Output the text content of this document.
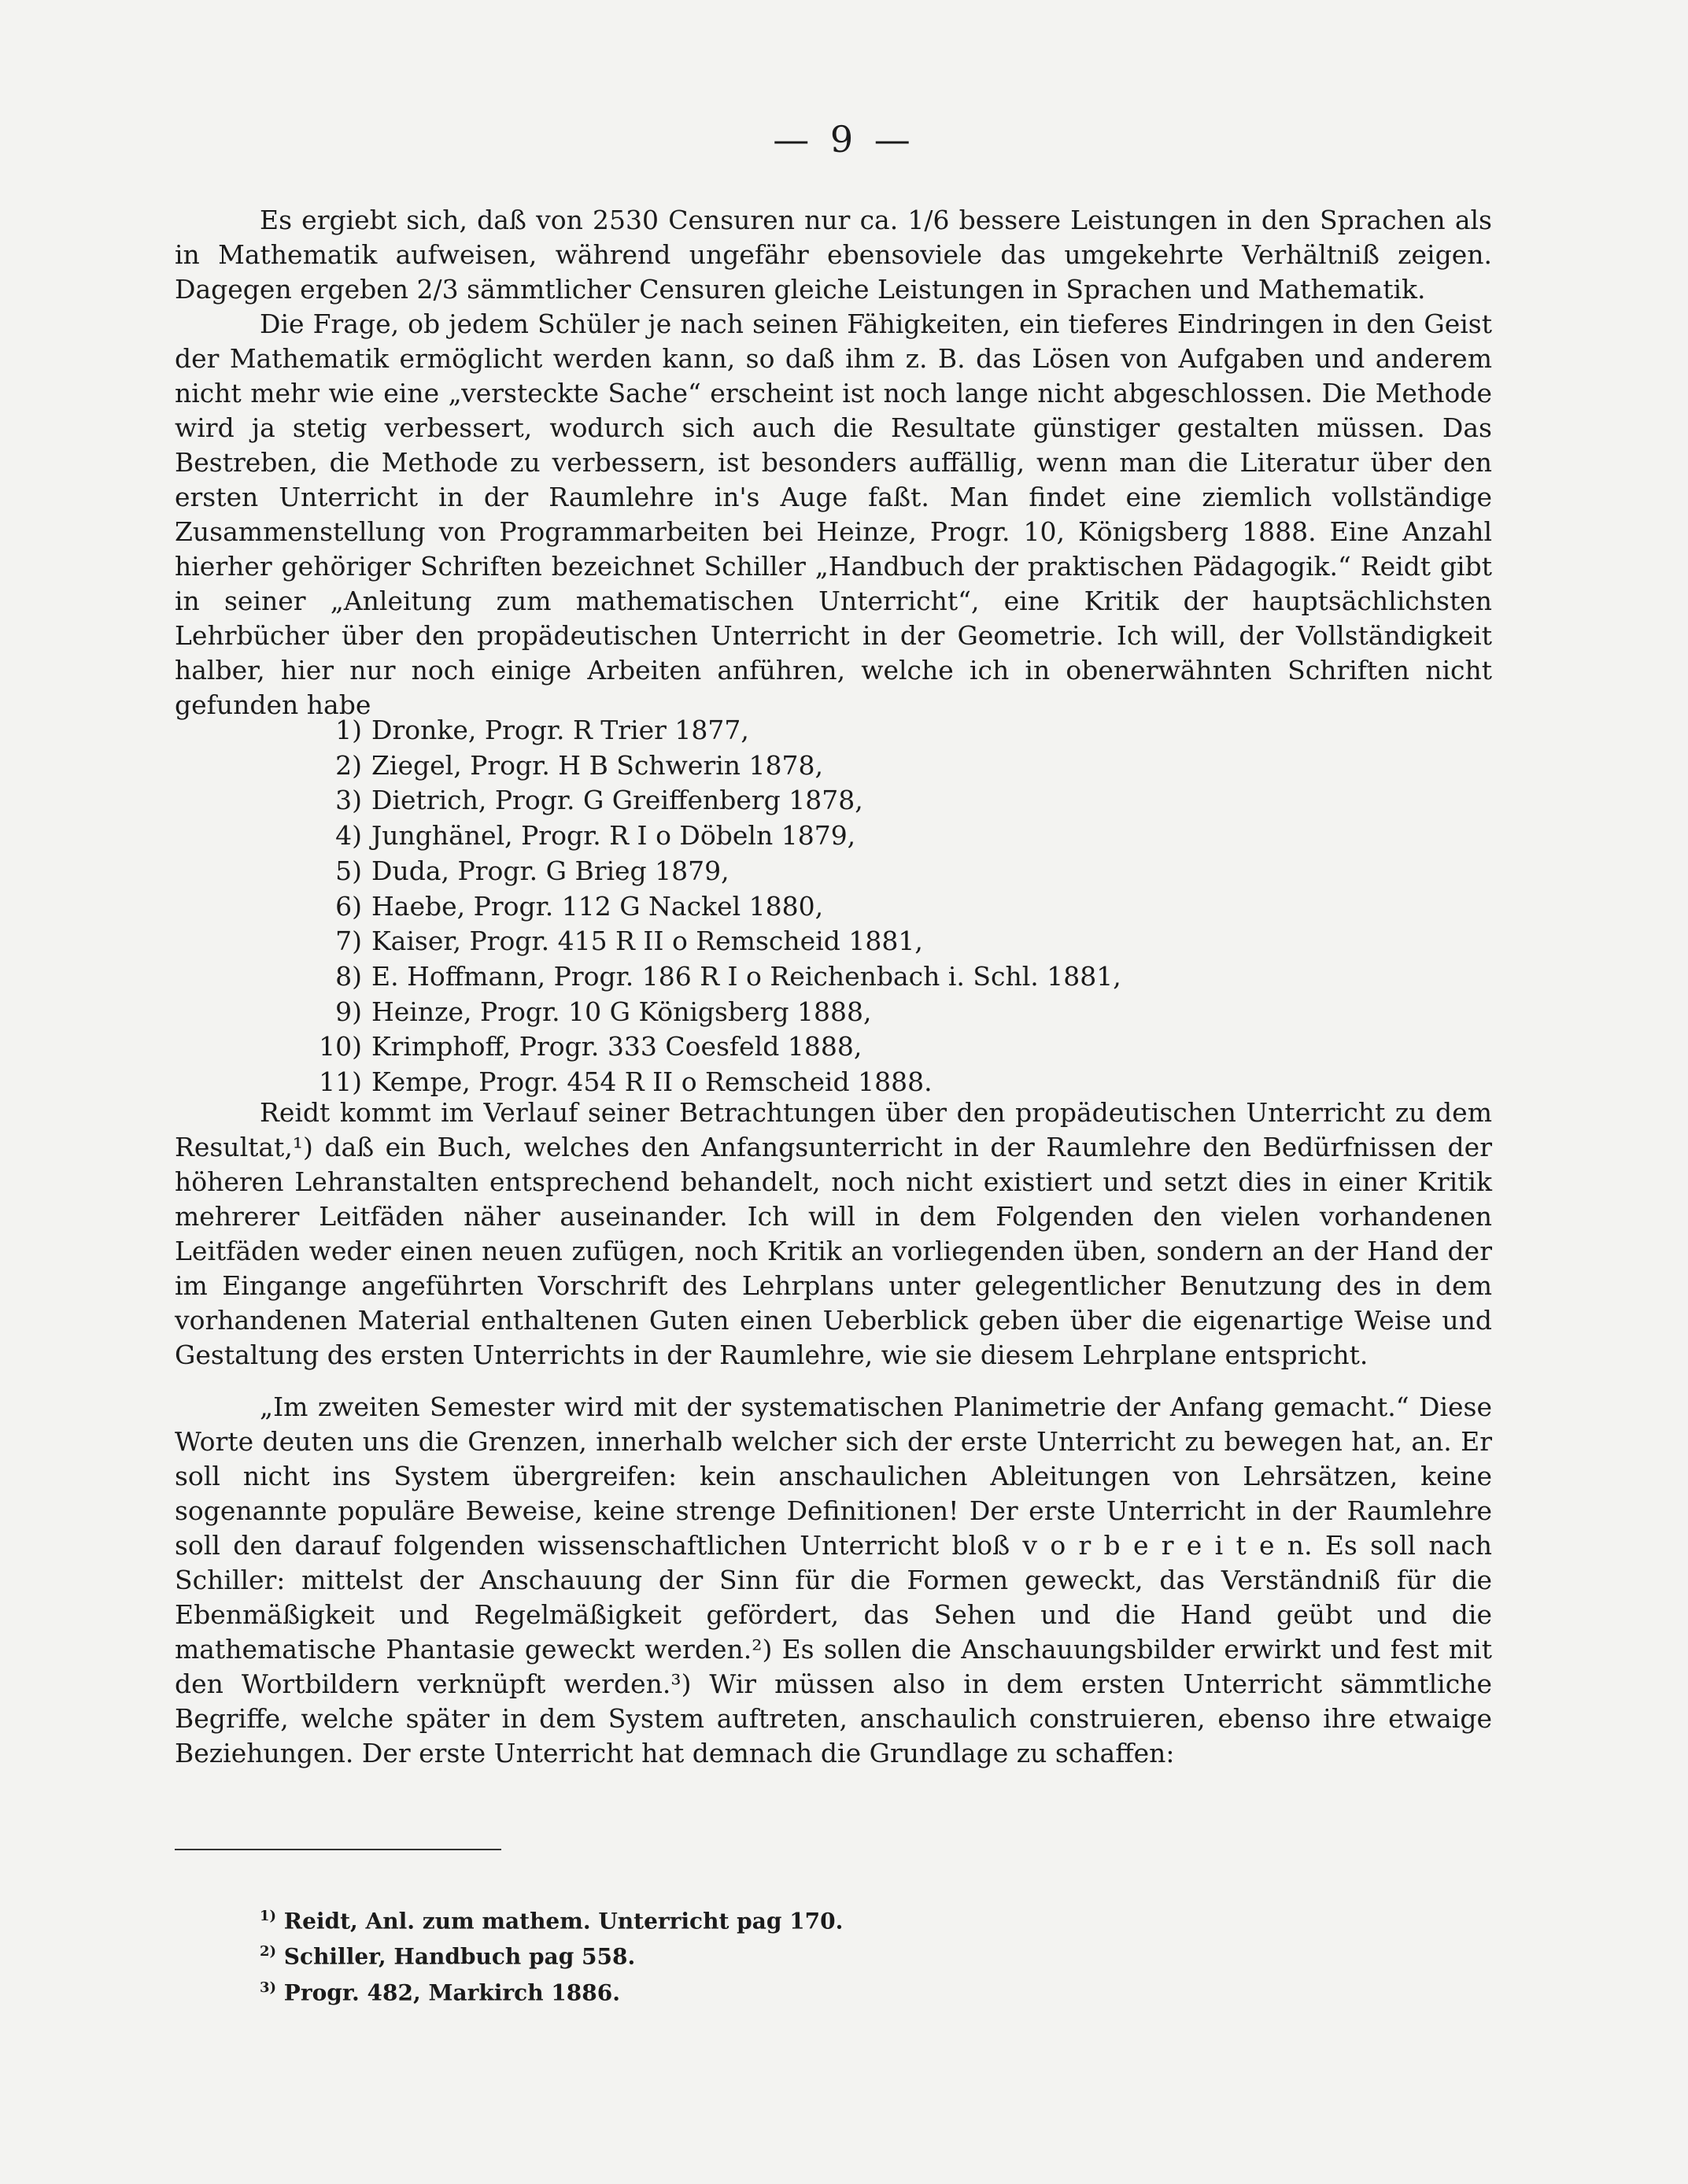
— 9 —

Es ergiebt sich, daß von 2530 Censuren nur ca. 1/6 bessere Leistungen in den Sprachen als in Mathematik aufweisen, während ungefähr ebensoviele das umgekehrte Verhältniß zeigen. Dagegen ergeben 2/3 sämmtlicher Censuren gleiche Leistungen in Sprachen und Mathematik.

Die Frage, ob jedem Schüler je nach seinen Fähigkeiten, ein tieferes Eindringen in den Geist der Mathematik ermöglicht werden kann, so daß ihm z. B. das Lösen von Aufgaben und anderem nicht mehr wie eine „versteckte Sache“ erscheint ist noch lange nicht abgeschlossen. Die Methode wird ja stetig verbessert, wodurch sich auch die Resultate günstiger gestalten müssen. Das Bestreben, die Methode zu verbessern, ist besonders auffällig, wenn man die Literatur über den ersten Unterricht in der Raumlehre in's Auge faßt. Man findet eine ziemlich vollständige Zusammenstellung von Programmarbeiten bei Heinze, Progr. 10, Königsberg 1888. Eine Anzahl hierher gehöriger Schriften bezeichnet Schiller „Handbuch der praktischen Pädagogik.“ Reidt gibt in seiner „Anleitung zum mathematischen Unterricht“, eine Kritik der hauptsächlichsten Lehrbücher über den propädeutischen Unterricht in der Geometrie. Ich will, der Vollständigkeit halber, hier nur noch einige Arbeiten anführen, welche ich in obenerwähnten Schriften nicht gefunden habe

1) Dronke, Progr. R Trier 1877,
2) Ziegel, Progr. H B Schwerin 1878,
3) Dietrich, Progr. G Greiffenberg 1878,
4) Junghänel, Progr. R I o Döbeln 1879,
5) Duda, Progr. G Brieg 1879,
6) Haebe, Progr. 112 G Nackel 1880,
7) Kaiser, Progr. 415 R II o Remscheid 1881,
8) E. Hoffmann, Progr. 186 R I o Reichenbach i. Schl. 1881,
9) Heinze, Progr. 10 G Königsberg 1888,
10) Krimphoff, Progr. 333 Coesfeld 1888,
11) Kempe, Progr. 454 R II o Remscheid 1888.

Reidt kommt im Verlauf seiner Betrachtungen über den propädeutischen Unterricht zu dem Resultat,¹) daß ein Buch, welches den Anfangsunterricht in der Raumlehre den Bedürfnissen der höheren Lehranstalten entsprechend behandelt, noch nicht existiert und setzt dies in einer Kritik mehrerer Leitfäden näher auseinander. Ich will in dem Folgenden den vielen vorhandenen Leitfäden weder einen neuen zufügen, noch Kritik an vorliegenden üben, sondern an der Hand der im Eingange angeführten Vorschrift des Lehrplans unter gelegentlicher Benutzung des in dem vorhandenen Material enthaltenen Guten einen Ueberblick geben über die eigenartige Weise und Gestaltung des ersten Unterrichts in der Raumlehre, wie sie diesem Lehrplane entspricht.

„Im zweiten Semester wird mit der systematischen Planimetrie der Anfang gemacht.“ Diese Worte deuten uns die Grenzen, innerhalb welcher sich der erste Unterricht zu bewegen hat, an. Er soll nicht ins System übergreifen: kein anschaulichen Ableitungen von Lehrsätzen, keine sogenannte populäre Beweise, keine strenge Definitionen! Der erste Unterricht in der Raumlehre soll den darauf folgenden wissenschaftlichen Unterricht bloß v o r b e r e i t e n. Es soll nach Schiller: mittelst der Anschauung der Sinn für die Formen geweckt, das Verständniß für die Ebenmäßigkeit und Regelmäßigkeit gefördert, das Sehen und die Hand geübt und die mathematische Phantasie geweckt werden.²) Es sollen die Anschauungsbilder erwirkt und fest mit den Wortbildern verknüpft werden.³) Wir müssen also in dem ersten Unterricht sämmtliche Begriffe, welche später in dem System auftreten, anschaulich construieren, ebenso ihre etwaige Beziehungen. Der erste Unterricht hat demnach die Grundlage zu schaffen:

$^{1)}$ Reidt, Anl. zum mathem. Unterricht pag 170.
$^{2)}$ Schiller, Handbuch pag 558.
$^{3)}$ Progr. 482, Markirch 1886.
